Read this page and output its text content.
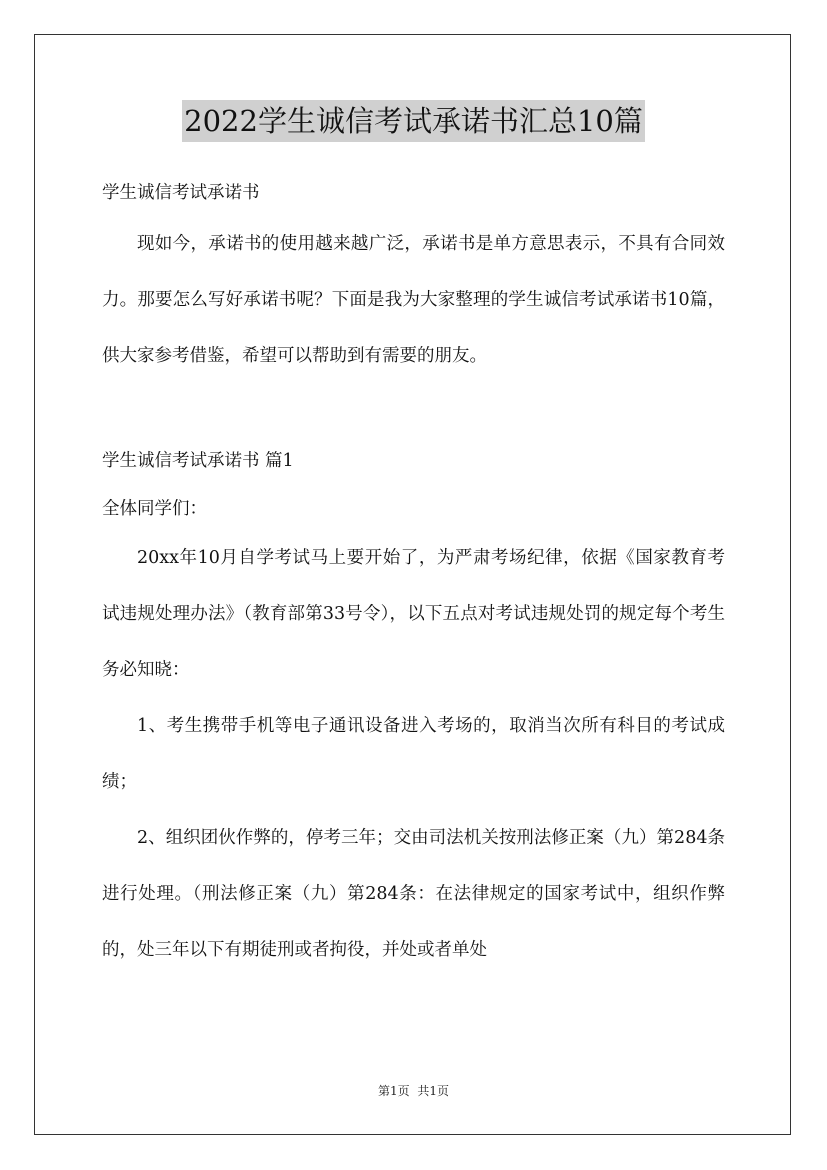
2022学生诚信考试承诺书汇总10篇

学生诚信考试承诺书

现如今，承诺书的使用越来越广泛，承诺书是单方意思表示，不具有合同效力。那要怎么写好承诺书呢？下面是我为大家整理的学生诚信考试承诺书10篇，供大家参考借鉴，希望可以帮助到有需要的朋友。

学生诚信考试承诺书 篇1

全体同学们：

20xx年10月自学考试马上要开始了，为严肃考场纪律，依据《国家教育考试违规处理办法》（教育部第33号令），以下五点对考试违规处罚的规定每个考生务必知晓：

1、考生携带手机等电子通讯设备进入考场的，取消当次所有科目的考试成绩；

2、组织团伙作弊的，停考三年；交由司法机关按刑法修正案（九）第284条进行处理。（刑法修正案（九）第284条：在法律规定的国家考试中，组织作弊的，处三年以下有期徒刑或者拘役，并处或者单处

第1页 共1页
